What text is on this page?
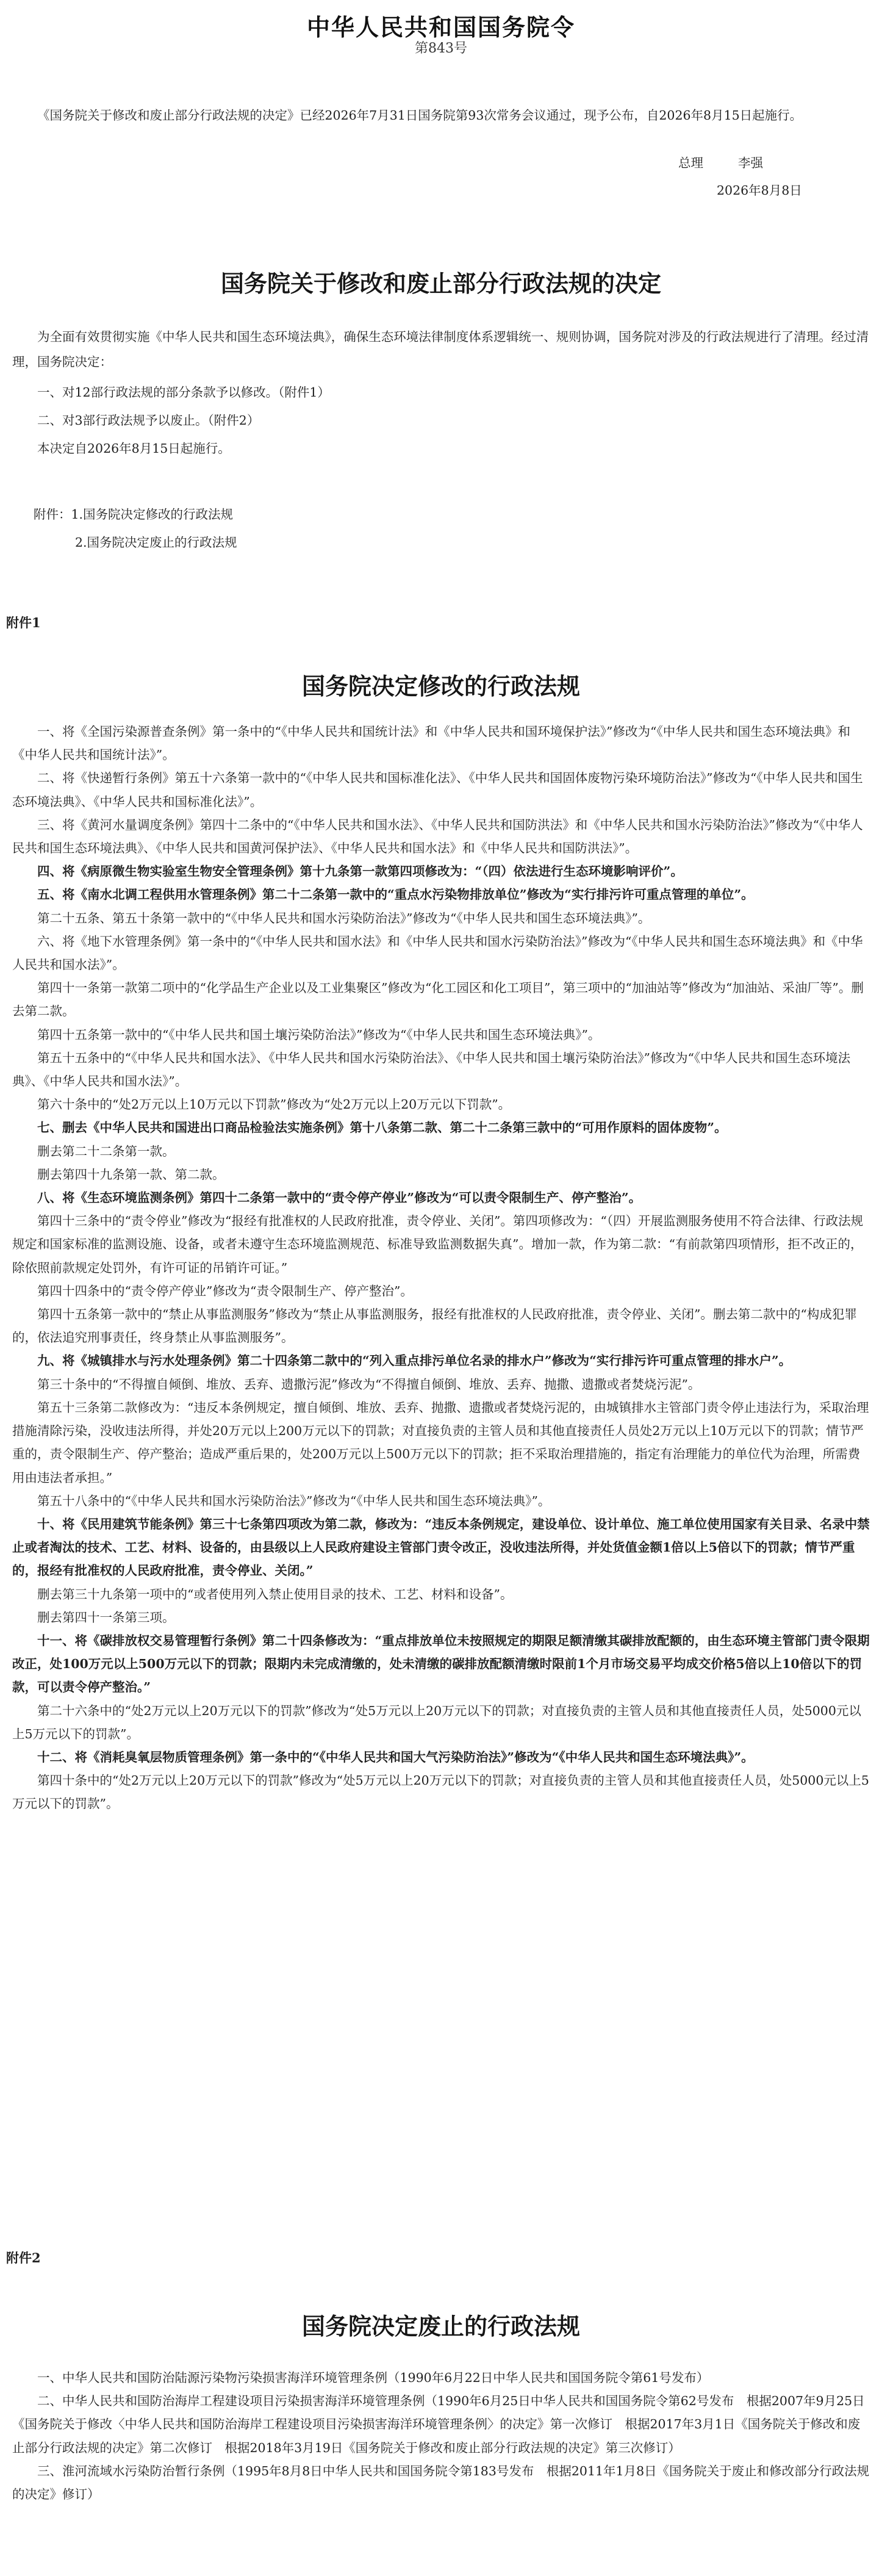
中华人民共和国国务院令
第843号

《国务院关于修改和废止部分行政法规的决定》已经2026年7月31日国务院第93次常务会议通过，现予公布，自2026年8月15日起施行。

总理	李强
2026年8月8日
国务院关于修改和废止部分行政法规的决定

为全面有效贯彻实施《中华人民共和国生态环境法典》，确保生态环境法律制度体系逻辑统一、规则协调，国务院对涉及的行政法规进行了清理。经过清理，国务院决定：

一、对12部行政法规的部分条款予以修改。（附件1）
二、对3部行政法规予以废止。（附件2）
本决定自2026年8月15日起施行。
附件：1.国务院决定修改的行政法规
2.国务院决定废止的行政法规
附件1
国务院决定修改的行政法规

一、将《全国污染源普查条例》第一条中的“《中华人民共和国统计法》和《中华人民共和国环境保护法》”修改为“《中华人民共和国生态环境法典》和《中华人民共和国统计法》”。

二、将《快递暂行条例》第五十六条第一款中的“《中华人民共和国标准化法》、《中华人民共和国固体废物污染环境防治法》”修改为“《中华人民共和国生态环境法典》、《中华人民共和国标准化法》”。

三、将《黄河水量调度条例》第四十二条中的“《中华人民共和国水法》、《中华人民共和国防洪法》和《中华人民共和国水污染防治法》”修改为“《中华人民共和国生态环境法典》、《中华人民共和国黄河保护法》、《中华人民共和国水法》和《中华人民共和国防洪法》”。

四、将《病原微生物实验室生物安全管理条例》第十九条第一款第四项修改为：“（四）依法进行生态环境影响评价”。

五、将《南水北调工程供用水管理条例》第二十二条第一款中的“重点水污染物排放单位”修改为“实行排污许可重点管理的单位”。

第二十五条、第五十条第一款中的“《中华人民共和国水污染防治法》”修改为“《中华人民共和国生态环境法典》”。

六、将《地下水管理条例》第一条中的“《中华人民共和国水法》和《中华人民共和国水污染防治法》”修改为“《中华人民共和国生态环境法典》和《中华人民共和国水法》”。

第四十一条第一款第二项中的“化学品生产企业以及工业集聚区”修改为“化工园区和化工项目”，第三项中的“加油站等”修改为“加油站、采油厂等”。删去第二款。

第四十五条第一款中的“《中华人民共和国土壤污染防治法》”修改为“《中华人民共和国生态环境法典》”。

第五十五条中的“《中华人民共和国水法》、《中华人民共和国水污染防治法》、《中华人民共和国土壤污染防治法》”修改为“《中华人民共和国生态环境法典》、《中华人民共和国水法》”。

第六十条中的“处2万元以上10万元以下罚款”修改为“处2万元以上20万元以下罚款”。

七、删去《中华人民共和国进出口商品检验法实施条例》第十八条第二款、第二十二条第三款中的“可用作原料的固体废物”。

删去第二十二条第一款。

删去第四十九条第一款、第二款。

八、将《生态环境监测条例》第四十二条第一款中的“责令停产停业”修改为“可以责令限制生产、停产整治”。

第四十三条中的“责令停业”修改为“报经有批准权的人民政府批准，责令停业、关闭”。第四项修改为：“（四）开展监测服务使用不符合法律、行政法规规定和国家标准的监测设施、设备，或者未遵守生态环境监测规范、标准导致监测数据失真”。增加一款，作为第二款：“有前款第四项情形，拒不改正的，除依照前款规定处罚外，有许可证的吊销许可证。”

第四十四条中的“责令停产停业”修改为“责令限制生产、停产整治”。

第四十五条第一款中的“禁止从事监测服务”修改为“禁止从事监测服务，报经有批准权的人民政府批准，责令停业、关闭”。删去第二款中的“构成犯罪的，依法追究刑事责任，终身禁止从事监测服务”。

九、将《城镇排水与污水处理条例》第二十四条第二款中的“列入重点排污单位名录的排水户”修改为“实行排污许可重点管理的排水户”。

第三十条中的“不得擅自倾倒、堆放、丢弃、遗撒污泥”修改为“不得擅自倾倒、堆放、丢弃、抛撒、遗撒或者焚烧污泥”。

第五十三条第二款修改为：“违反本条例规定，擅自倾倒、堆放、丢弃、抛撒、遗撒或者焚烧污泥的，由城镇排水主管部门责令停止违法行为，采取治理措施清除污染，没收违法所得，并处20万元以上200万元以下的罚款；对直接负责的主管人员和其他直接责任人员处2万元以上10万元以下的罚款；情节严重的，责令限制生产、停产整治；造成严重后果的，处200万元以上500万元以下的罚款；拒不采取治理措施的，指定有治理能力的单位代为治理，所需费用由违法者承担。”

第五十八条中的“《中华人民共和国水污染防治法》”修改为“《中华人民共和国生态环境法典》”。

十、将《民用建筑节能条例》第三十七条第四项改为第二款，修改为：“违反本条例规定，建设单位、设计单位、施工单位使用国家有关目录、名录中禁止或者淘汰的技术、工艺、材料、设备的，由县级以上人民政府建设主管部门责令改正，没收违法所得，并处货值金额1倍以上5倍以下的罚款；情节严重的，报经有批准权的人民政府批准，责令停业、关闭。”

删去第三十九条第一项中的“或者使用列入禁止使用目录的技术、工艺、材料和设备”。

删去第四十一条第三项。

十一、将《碳排放权交易管理暂行条例》第二十四条修改为：“重点排放单位未按照规定的期限足额清缴其碳排放配额的，由生态环境主管部门责令限期改正，处100万元以上500万元以下的罚款；限期内未完成清缴的，处未清缴的碳排放配额清缴时限前1个月市场交易平均成交价格5倍以上10倍以下的罚款，可以责令停产整治。”

第二十六条中的“处2万元以上20万元以下的罚款”修改为“处5万元以上20万元以下的罚款；对直接负责的主管人员和其他直接责任人员，处5000元以上5万元以下的罚款”。

十二、将《消耗臭氧层物质管理条例》第一条中的“《中华人民共和国大气污染防治法》”修改为“《中华人民共和国生态环境法典》”。

第四十条中的“处2万元以上20万元以下的罚款”修改为“处5万元以上20万元以下的罚款；对直接负责的主管人员和其他直接责任人员，处5000元以上5万元以下的罚款”。

附件2
国务院决定废止的行政法规

一、中华人民共和国防治陆源污染物污染损害海洋环境管理条例（1990年6月22日中华人民共和国国务院令第61号发布）

二、中华人民共和国防治海岸工程建设项目污染损害海洋环境管理条例（1990年6月25日中华人民共和国国务院令第62号发布　根据2007年9月25日《国务院关于修改〈中华人民共和国防治海岸工程建设项目污染损害海洋环境管理条例〉的决定》第一次修订　根据2017年3月1日《国务院关于修改和废止部分行政法规的决定》第二次修订　根据2018年3月19日《国务院关于修改和废止部分行政法规的决定》第三次修订）

三、淮河流域水污染防治暂行条例（1995年8月8日中华人民共和国国务院令第183号发布　根据2011年1月8日《国务院关于废止和修改部分行政法规的决定》修订）
